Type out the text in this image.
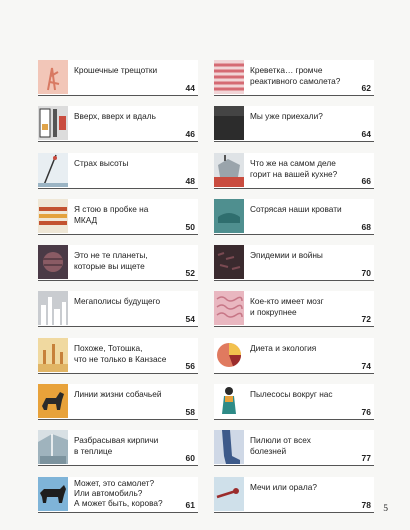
Крошечные трещотки
44
Вверх, вверх и вдаль
46
Страх высоты
48
Я стою в пробке на МКАД
50
Это не те планеты,
которые вы ищете
52
Мегаполисы будущего
54
Похоже, Тотошка,
что не только в Канзасе
56
Линии жизни собачьей
58
Разбрасывая кирпичи
в теплице
60
Может, это самолет?
Или автомобиль?
А может быть, корова?	61
Креветка… громче
реактивного самолета?
62
Мы уже приехали?
64
Что же на самом деле
горит на вашей кухне?
66
Сотрясая наши кровати
68
Эпидемии и войны
70
Кое-кто имеет мозг
и покрупнее
72
Диета и экология
74
Пылесосы вокруг нас
76
Пилюли от всех болезней
77
Мечи или орала?
78 5
